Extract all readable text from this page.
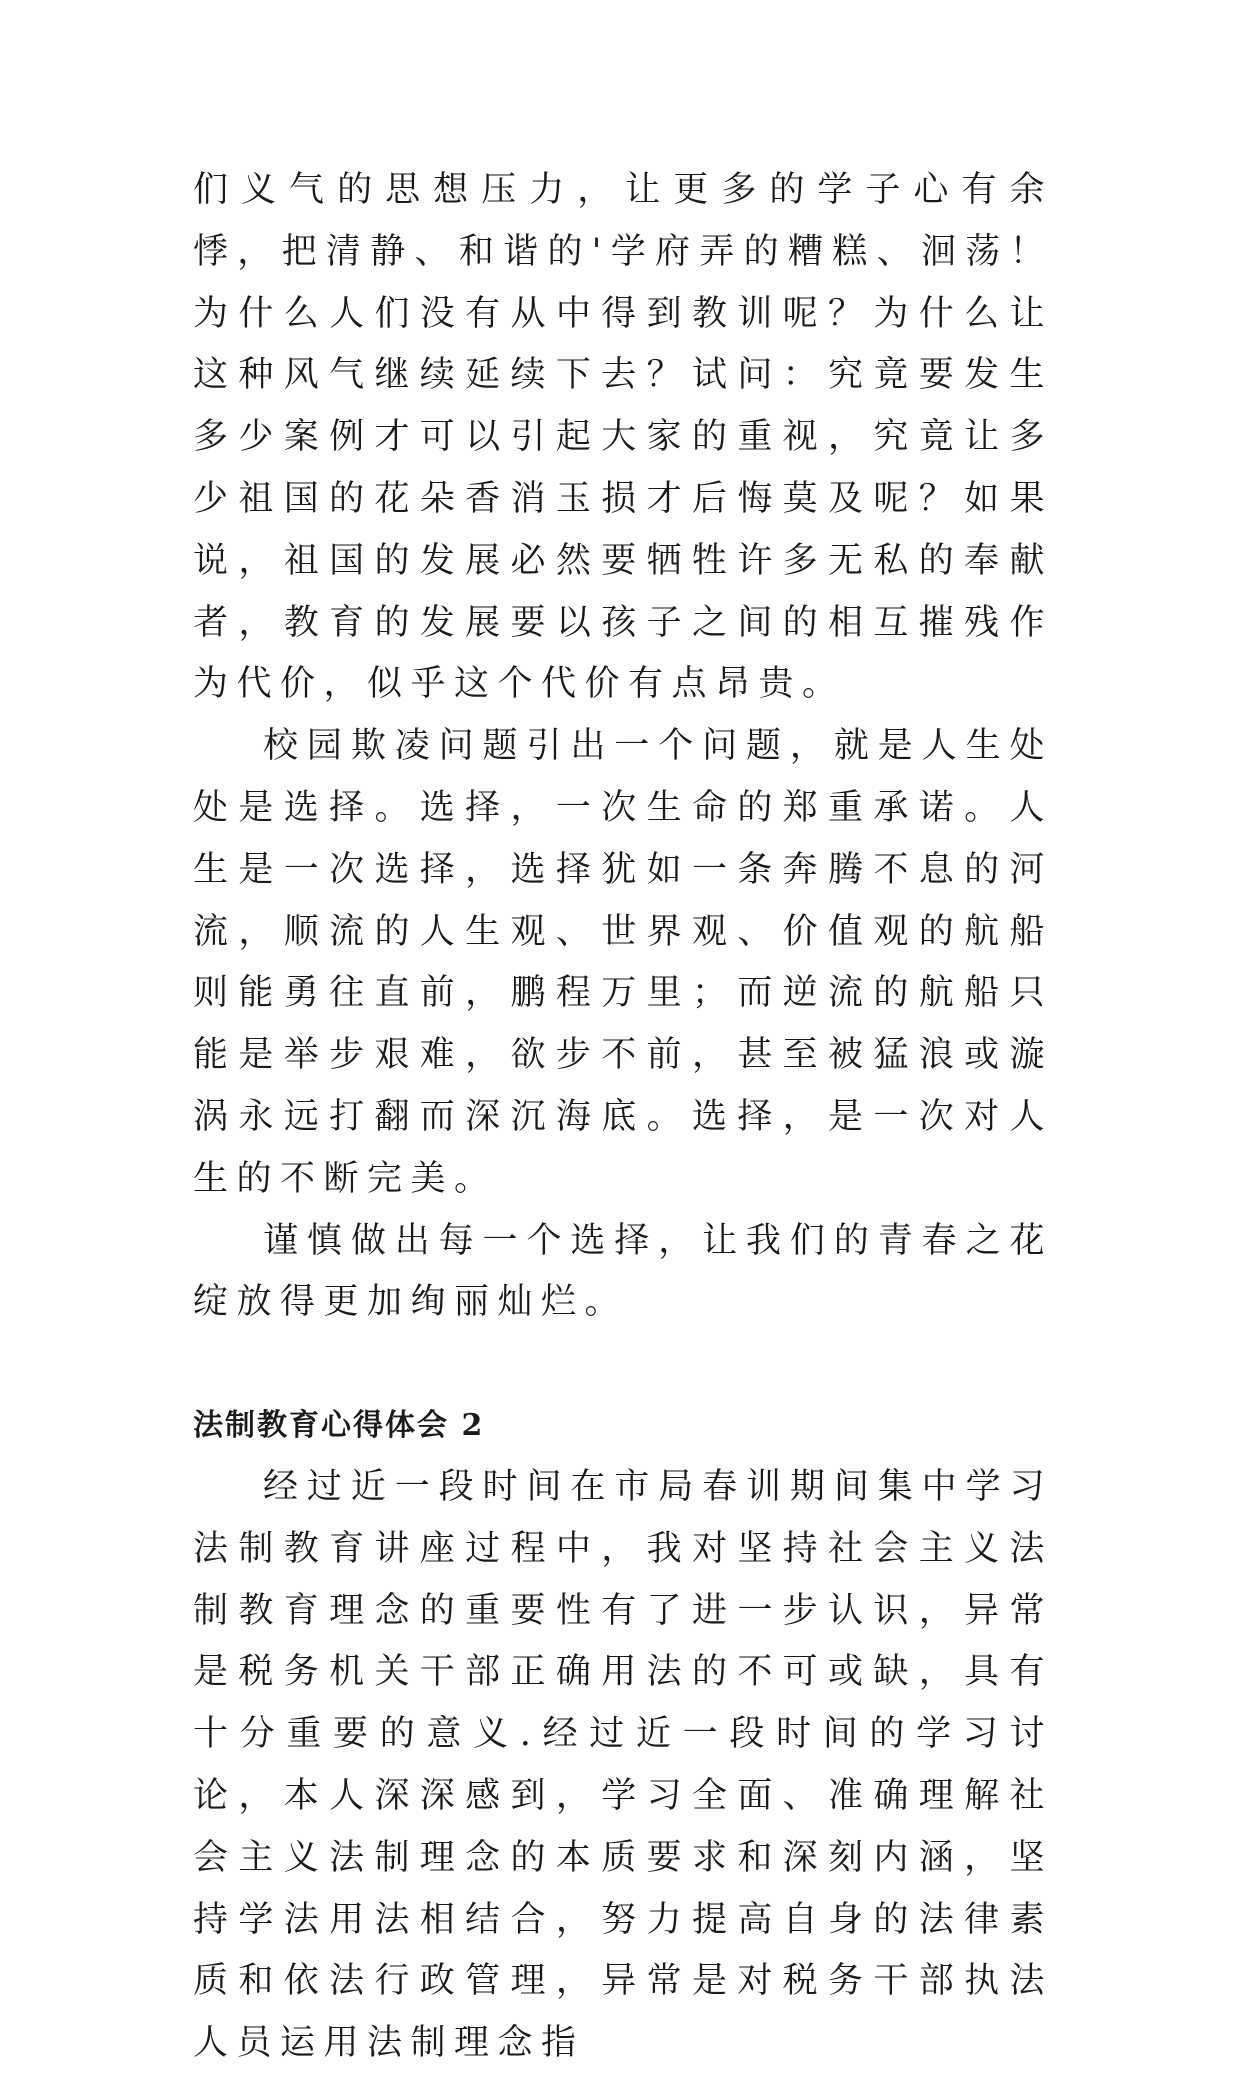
们义气的思想压力，让更多的学子心有余悸，把清静、和谐的'学府弄的糟糕、洄荡！为什么人们没有从中得到教训呢？为什么让这种风气继续延续下去？试问：究竟要发生多少案例才可以引起大家的重视，究竟让多少祖国的花朵香消玉损才后悔莫及呢？如果说，祖国的发展必然要牺牲许多无私的奉献者，教育的发展要以孩子之间的相互摧残作为代价，似乎这个代价有点昂贵。

校园欺凌问题引出一个问题，就是人生处处是选择。选择，一次生命的郑重承诺。人生是一次选择，选择犹如一条奔腾不息的河流，顺流的人生观、世界观、价值观的航船则能勇往直前，鹏程万里；而逆流的航船只能是举步艰难，欲步不前，甚至被猛浪或漩涡永远打翻而深沉海底。选择，是一次对人生的不断完美。

谨慎做出每一个选择，让我们的青春之花绽放得更加绚丽灿烂。

法制教育心得体会 2

经过近一段时间在市局春训期间集中学习法制教育讲座过程中，我对坚持社会主义法制教育理念的重要性有了进一步认识，异常是税务机关干部正确用法的不可或缺，具有十分重要的意义.经过近一段时间的学习讨论，本人深深感到，学习全面、准确理解社会主义法制理念的本质要求和深刻内涵，坚持学法用法相结合，努力提高自身的法律素质和依法行政管理，异常是对税务干部执法人员运用法制理念指
